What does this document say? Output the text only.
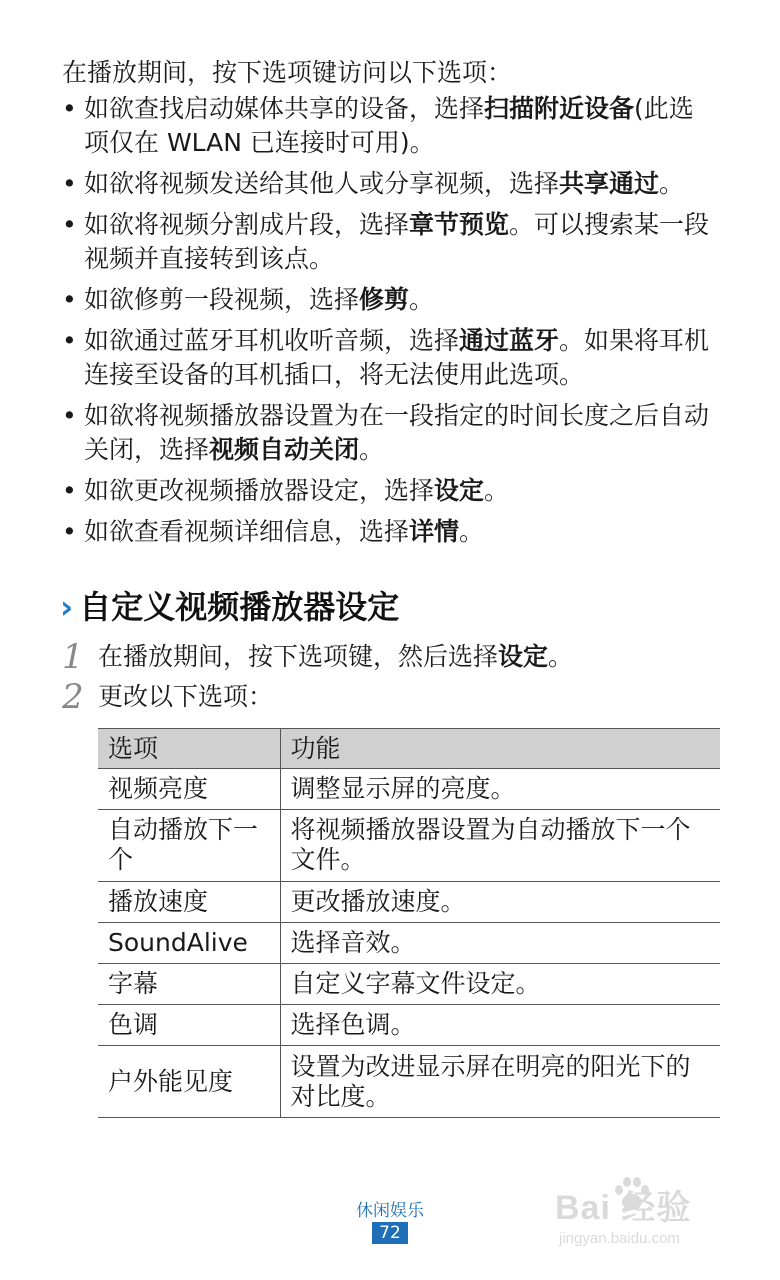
在播放期间，按下选项键访问以下选项：
• 如欲查找启动媒体共享的设备，选择扫描附近设备(此选项仅在 WLAN 已连接时可用)。
• 如欲将视频发送给其他人或分享视频，选择共享通过。
• 如欲将视频分割成片段，选择章节预览。可以搜索某一段视频并直接转到该点。
• 如欲修剪一段视频，选择修剪。
• 如欲通过蓝牙耳机收听音频，选择通过蓝牙。如果将耳机连接至设备的耳机插口，将无法使用此选项。
• 如欲将视频播放器设置为在一段指定的时间长度之后自动关闭，选择视频自动关闭。
• 如欲更改视频播放器设定，选择设定。
• 如欲查看视频详细信息，选择详情。
› 自定义视频播放器设定
1 在播放期间，按下选项键，然后选择设定。
2 更改以下选项：
选项	功能
视频亮度	调整显示屏的亮度。
自动播放下一个	将视频播放器设置为自动播放下一个文件。
播放速度	更改播放速度。
SoundAlive	选择音效。
字幕	自定义字幕文件设定。
色调	选择色调。
户外能见度	设置为改进显示屏在明亮的阳光下的对比度。
休闲娱乐
72
Bai 经验
jingyan.baidu.com
